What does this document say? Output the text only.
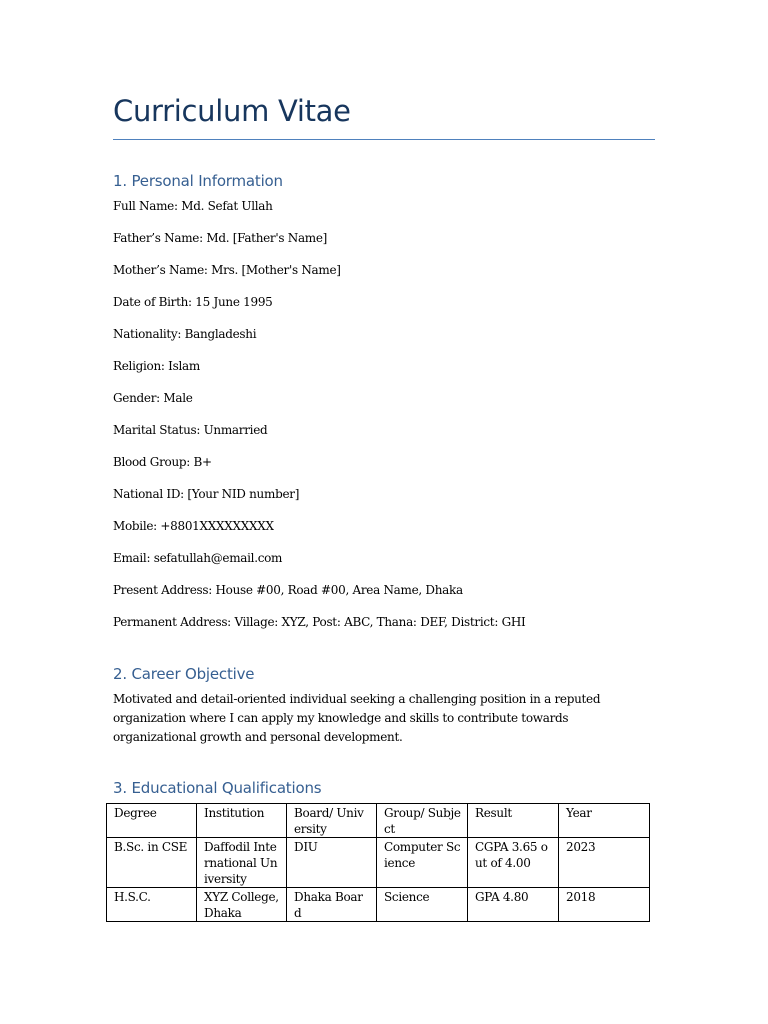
Curriculum Vitae
1. Personal Information
Full Name: Md. Sefat Ullah
Father’s Name: Md. [Father's Name]
Mother’s Name: Mrs. [Mother's Name]
Date of Birth: 15 June 1995
Nationality: Bangladeshi
Religion: Islam
Gender: Male
Marital Status: Unmarried
Blood Group: B+
National ID: [Your NID number]
Mobile: +8801XXXXXXXXX
Email: sefatullah@email.com
Present Address: House #00, Road #00, Area Name, Dhaka
Permanent Address: Village: XYZ, Post: ABC, Thana: DEF, District: GHI
2. Career Objective
Motivated and detail-oriented individual seeking a challenging position in a reputed
organization where I can apply my knowledge and skills to contribute towards
organizational growth and personal development.
3. Educational Qualifications
Degree	Institution	Board/ University	Group/ Subject	Result	Year
B.Sc. in CSE	Daffodil International University	DIU	Computer Science	CGPA 3.65 out of 4.00	2023
H.S.C.	XYZ College, Dhaka	Dhaka Board	Science	GPA 4.80	2018
